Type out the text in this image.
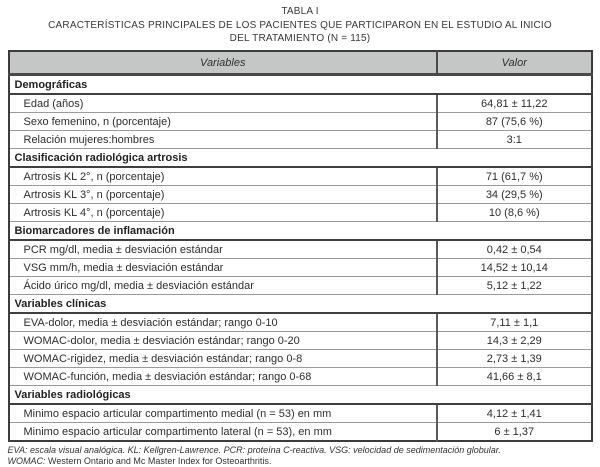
TABLA I
CARACTERÍSTICAS PRINCIPALES DE LOS PACIENTES QUE PARTICIPARON EN EL ESTUDIO AL INICIO
DEL TRATAMIENTO (N = 115)
Variables	Valor
Demográficas	
Edad (años)	64,81 ± 11,22
Sexo femenino, n (porcentaje)	87 (75,6 %)
Relación mujeres:hombres	3:1
Clasificación radiológica artrosis	
Artrosis KL 2°, n (porcentaje)	71 (61,7 %)
Artrosis KL 3°, n (porcentaje)	34 (29,5 %)
Artrosis KL 4°, n (porcentaje)	10 (8,6 %)
Biomarcadores de inflamación	
PCR mg/dl, media ± desviación estándar	0,42 ± 0,54
VSG mm/h, media ± desviación estándar	14,52 ± 10,14
Ácido úrico mg/dl, media ± desviación estándar	5,12 ± 1,22
Variables clínicas	
EVA-dolor, media ± desviación estándar; rango 0-10	7,11 ± 1,1
WOMAC-dolor, media ± desviación estándar; rango 0-20	14,3 ± 2,29
WOMAC-rigidez, media ± desviación estándar; rango 0-8	2,73 ± 1,39
WOMAC-función, media ± desviación estándar; rango 0-68	41,66 ± 8,1
Variables radiológicas	
Minimo espacio articular compartimento medial (n = 53) en mm	4,12 ± 1,41
Minimo espacio articular compartimento lateral (n = 53), en mm	6 ± 1,37
EVA: escala visual analógica. KL: Kellgren-Lawrence. PCR: proteína C-reactiva. VSG: velocidad de sedimentación globular.
WOMAC: Western Ontario and Mc Master Index for Osteoarthritis.
